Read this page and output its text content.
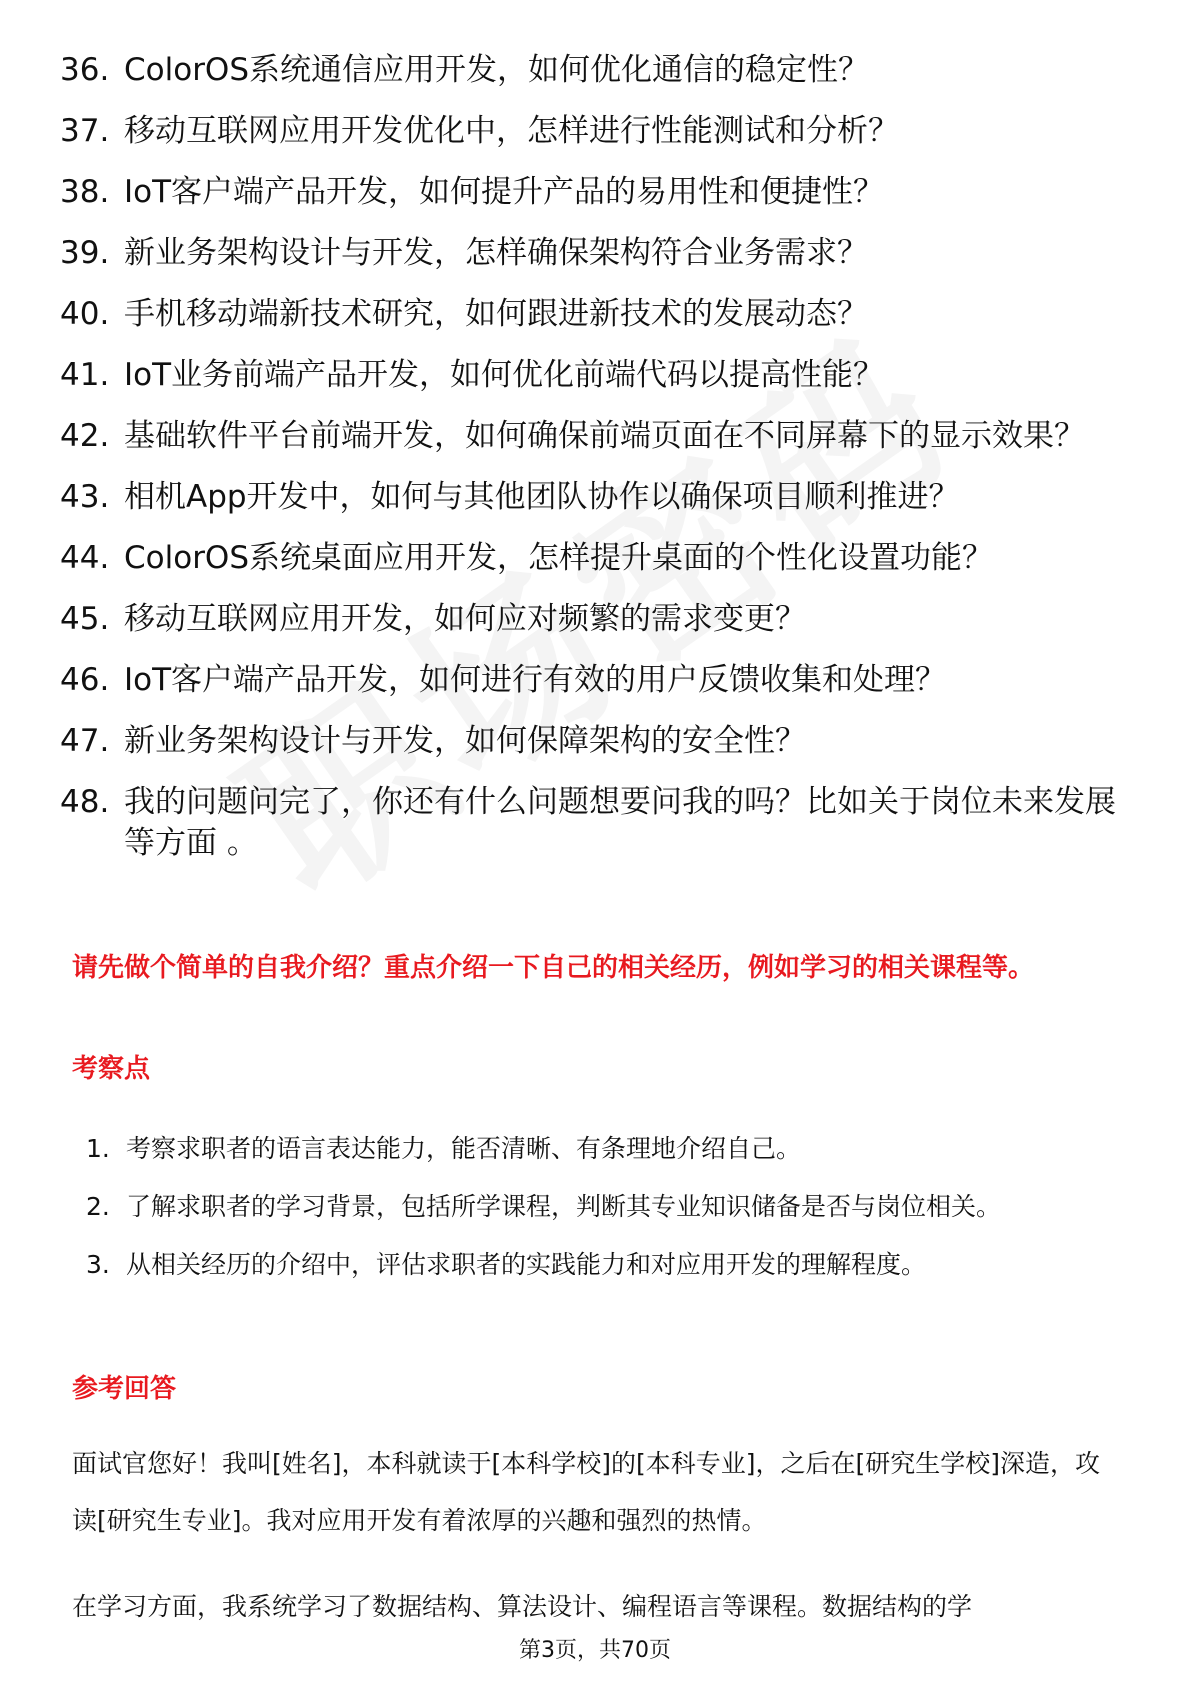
36. ColorOS系统通信应用开发，如何优化通信的稳定性？
37. 移动互联网应用开发优化中，怎样进行性能测试和分析？
38. IoT客户端产品开发，如何提升产品的易用性和便捷性？
39. 新业务架构设计与开发，怎样确保架构符合业务需求？
40. 手机移动端新技术研究，如何跟进新技术的发展动态？
41. IoT业务前端产品开发，如何优化前端代码以提高性能？
42. 基础软件平台前端开发，如何确保前端页面在不同屏幕下的显示效果？
43. 相机App开发中，如何与其他团队协作以确保项目顺利推进？
44. ColorOS系统桌面应用开发，怎样提升桌面的个性化设置功能？
45. 移动互联网应用开发，如何应对频繁的需求变更？
46. IoT客户端产品开发，如何进行有效的用户反馈收集和处理？
47. 新业务架构设计与开发，如何保障架构的安全性？
48. 我的问题问完了，你还有什么问题想要问我的吗？比如关于岗位未来发展等方面 。
请先做个简单的自我介绍？重点介绍一下自己的相关经历，例如学习的相关课程等。
考察点
1. 考察求职者的语言表达能力，能否清晰、有条理地介绍自己。
2. 了解求职者的学习背景，包括所学课程，判断其专业知识储备是否与岗位相关。
3. 从相关经历的介绍中，评估求职者的实践能力和对应用开发的理解程度。
参考回答
面试官您好！我叫[姓名]，本科就读于[本科学校]的[本科专业]，之后在[研究生学校]深造，攻读[研究生专业]。我对应用开发有着浓厚的兴趣和强烈的热情。
在学习方面，我系统学习了数据结构、算法设计、编程语言等课程。数据结构的学
第3页，共70页
